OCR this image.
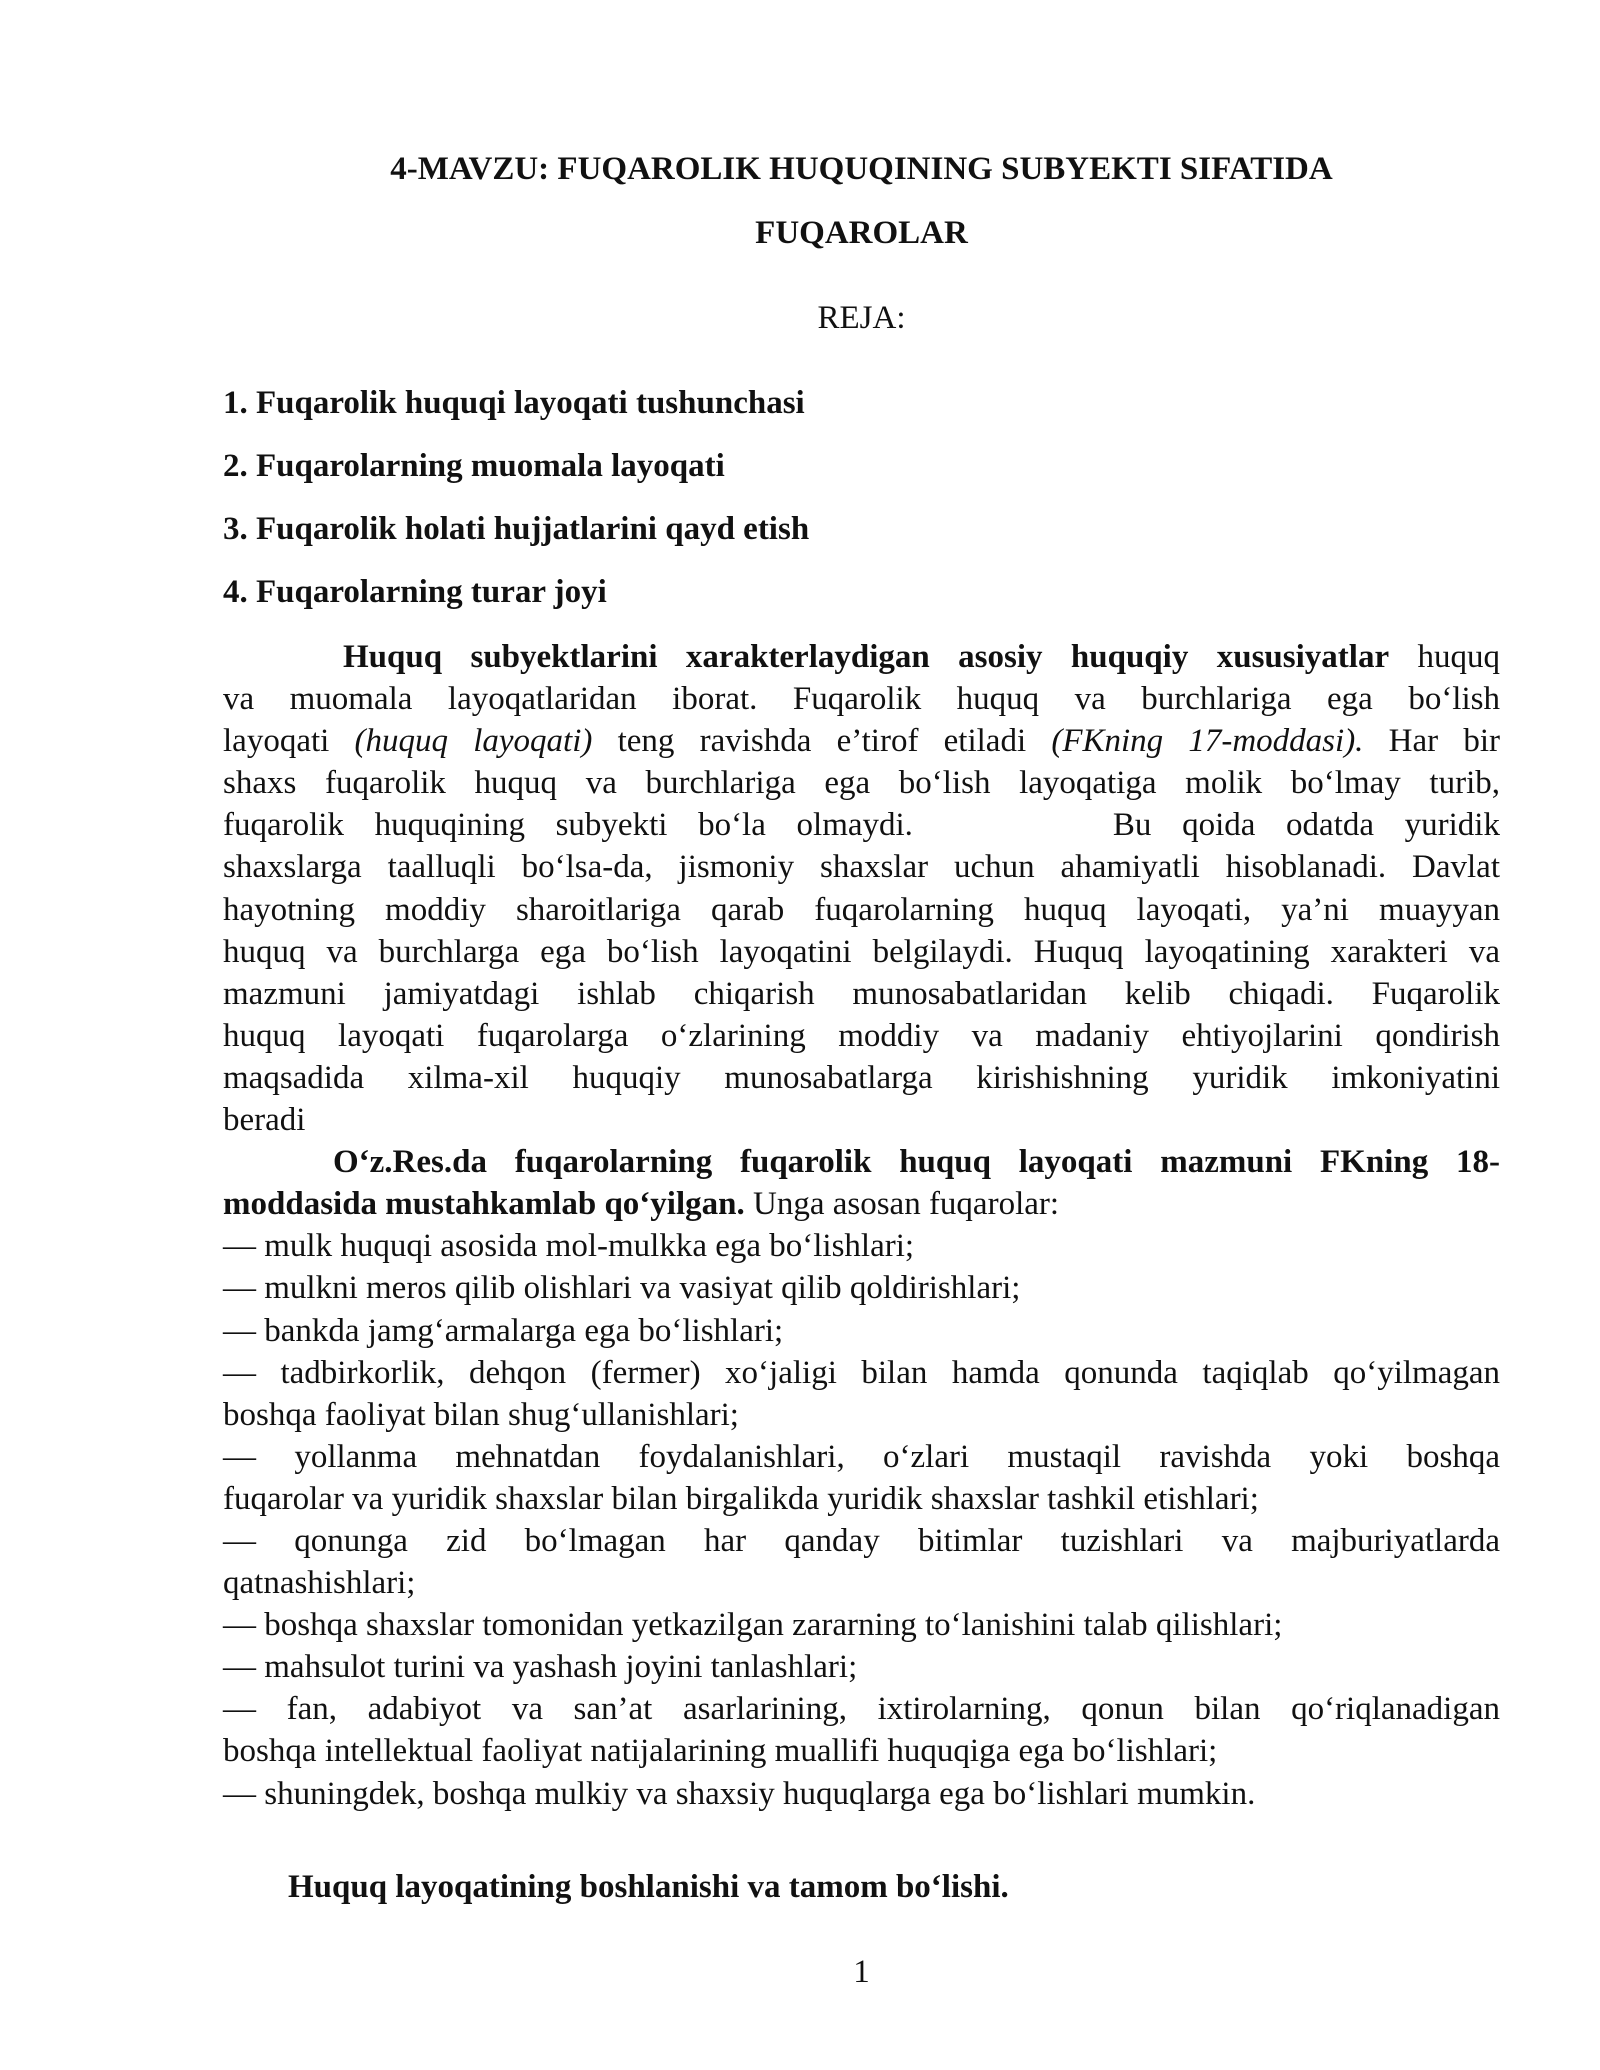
4-MAVZU: FUQAROLIK HUQUQINING SUBYEKTI SIFATIDA
FUQAROLAR
REJA:
1. Fuqarolik huquqi layoqati tushunchasi
2. Fuqarolarning muomala layoqati
3. Fuqarolik holati hujjatlarini qayd etish
4. Fuqarolarning turar joyi
Huquq subyektlarini xarakterlaydigan asosiy huquqiy xususiyatlar huquq
va muomala layoqatlaridan iborat. Fuqarolik huquq va burchlariga ega bo‘lish
layoqati (huquq layoqati) teng ravishda e’tirof etiladi (FKning 17-moddasi). Har bir
shaxs fuqarolik huquq va burchlariga ega bo‘lish layoqatiga molik bo‘lmay turib,
fuqarolik huquqining subyekti bo‘la olmaydi.	Bu qoida odatda yuridik
shaxslarga taalluqli bo‘lsa-da, jismoniy shaxslar uchun ahamiyatli hisoblanadi. Davlat
hayotning moddiy sharoitlariga qarab fuqarolarning huquq layoqati, ya’ni muayyan
huquq va burchlarga ega bo‘lish layoqatini belgilaydi. Huquq layoqatining xarakteri va
mazmuni jamiyatdagi ishlab chiqarish munosabatlaridan kelib chiqadi. Fuqarolik
huquq layoqati fuqarolarga o‘zlarining moddiy va madaniy ehtiyojlarini qondirish
maqsadida xilma-xil huquqiy munosabatlarga kirishishning yuridik imkoniyatini
beradi
O‘z.Res.da fuqarolarning fuqarolik huquq layoqati mazmuni FKning 18-
moddasida mustahkamlab qo‘yilgan. Unga asosan fuqarolar:
— mulk huquqi asosida mol-mulkka ega bo‘lishlari;
— mulkni meros qilib olishlari va vasiyat qilib qoldirishlari;
— bankda jamg‘armalarga ega bo‘lishlari;
— tadbirkorlik, dehqon (fermer) xo‘jaligi bilan hamda qonunda taqiqlab qo‘yilmagan
boshqa faoliyat bilan shug‘ullanishlari;
— yollanma mehnatdan foydalanishlari, o‘zlari mustaqil ravishda yoki boshqa
fuqarolar va yuridik shaxslar bilan birgalikda yuridik shaxslar tashkil etishlari;
— qonunga zid bo‘lmagan har qanday bitimlar tuzishlari va majburiyatlarda
qatnashishlari;
— boshqa shaxslar tomonidan yetkazilgan zararning to‘lanishini talab qilishlari;
— mahsulot turini va yashash joyini tanlashlari;
— fan, adabiyot va san’at asarlarining, ixtirolarning, qonun bilan qo‘riqlanadigan
boshqa intellektual faoliyat natijalarining muallifi huquqiga ega bo‘lishlari;
— shuningdek, boshqa mulkiy va shaxsiy huquqlarga ega bo‘lishlari mumkin.
Huquq layoqatining boshlanishi va tamom bo‘lishi.
1
